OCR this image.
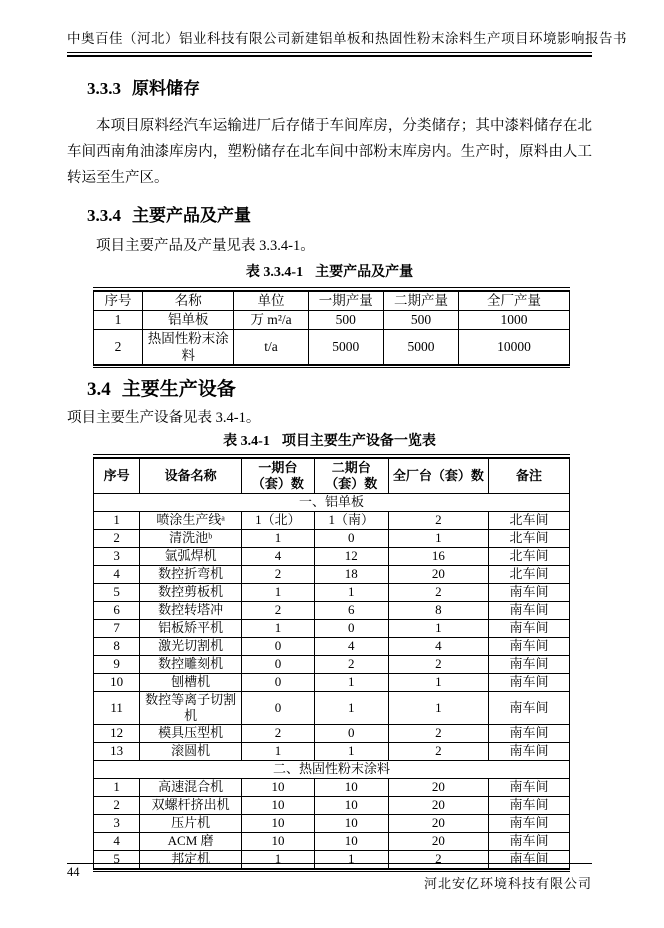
中奥百佳（河北）铝业科技有限公司新建铝单板和热固性粉末涂料生产项目环境影响报告书
3.3.3 原料储存

本项目原料经汽车运输进厂后存储于车间库房，分类储存；其中漆料储存在北车间西南角油漆库房内，塑粉储存在北车间中部粉末库房内。生产时，原料由人工转运至生产区。

3.3.4 主要产品及产量

项目主要产品及产量见表 3.3.4-1。

表 3.3.4-1 主要产品及产量
序号	名称	单位	一期产量	二期产量	全厂产量
1	铝单板	万 m²/a	500	500	1000
2	热固性粉末涂料	t/a	5000	5000	10000
3.4 主要生产设备

项目主要生产设备见表 3.4-1。

表 3.4-1 项目主要生产设备一览表
序号	设备名称	一期台（套）数	二期台（套）数	全厂台（套）数	备注
一、铝单板					
1	喷涂生产线ᵃ	1（北）	1（南）	2	北车间
2	清洗池ᵇ	1	0	1	北车间
3	氩弧焊机	4	12	16	北车间
4	数控折弯机	2	18	20	北车间
5	数控剪板机	1	1	2	南车间
6	数控转塔冲	2	6	8	南车间
7	铝板矫平机	1	0	1	南车间
8	激光切割机	0	4	4	南车间
9	数控雕刻机	0	2	2	南车间
10	刨槽机	0	1	1	南车间
11	数控等离子切割机	0	1	1	南车间
12	模具压型机	2	0	2	南车间
13	滚圆机	1	1	2	南车间
二、热固性粉末涂料					
1	高速混合机	10	10	20	南车间
2	双螺杆挤出机	10	10	20	南车间
3	压片机	10	10	20	南车间
4	ACM 磨	10	10	20	南车间
5	邦定机	1	1	2	南车间
44
河北安亿环境科技有限公司
